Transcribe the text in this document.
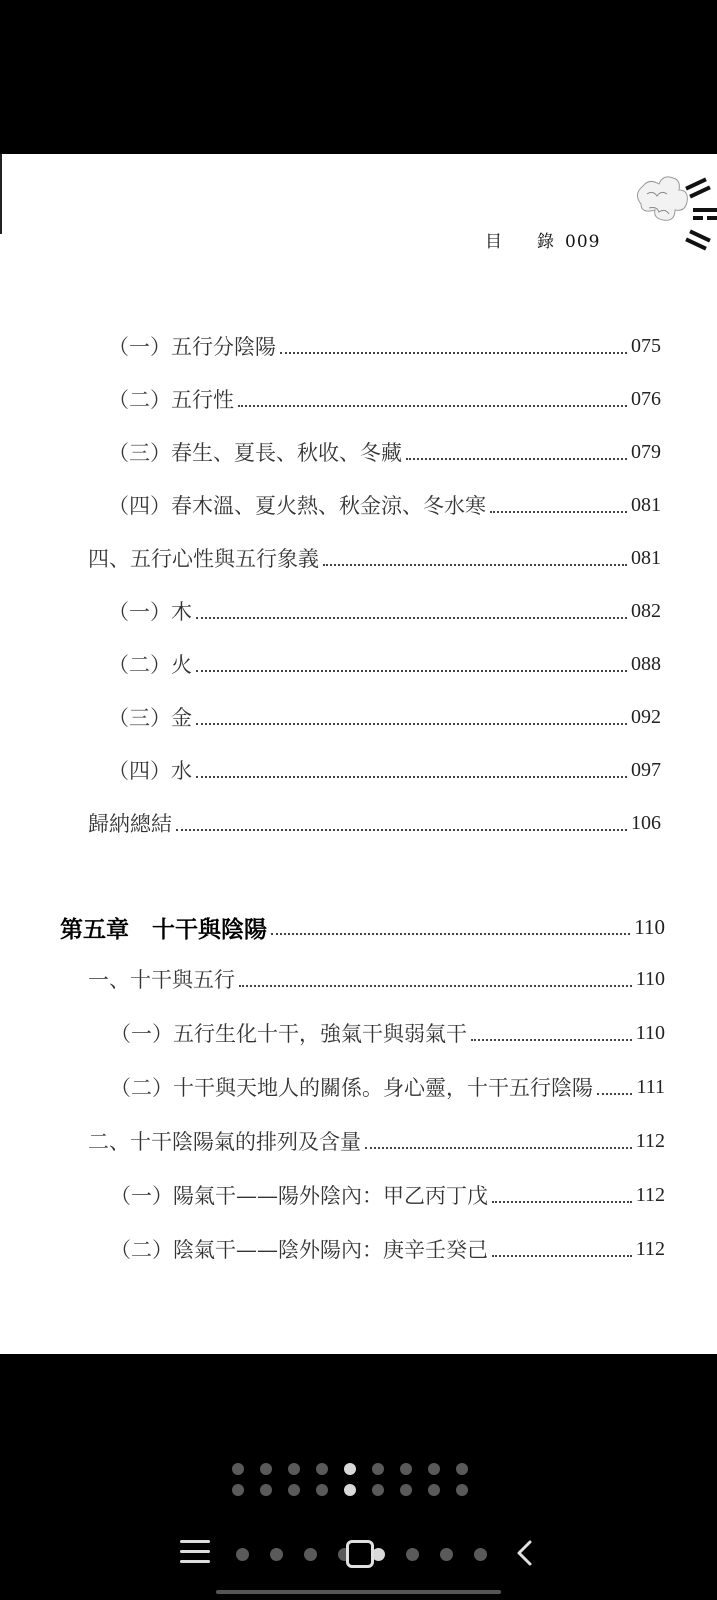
目 錄 009
（一）五行分陰陽	075
（二）五行性	076
（三）春生、夏長、秋收、冬藏	079
（四）春木溫、夏火熱、秋金涼、冬水寒	081
四、五行心性與五行象義	081
（一）木	082
（二）火	088
（三）金	092
（四）水	097
歸納總結	106
第五章　十干與陰陽	110
一、十干與五行	110
（一）五行生化十干，強氣干與弱氣干	110
（二）十干與天地人的關係。身心靈，十干五行陰陽 111
二、十干陰陽氣的排列及含量	112
（一）陽氣干——陽外陰內：甲乙丙丁戊	112
（二）陰氣干——陰外陽內：庚辛壬癸己	112
